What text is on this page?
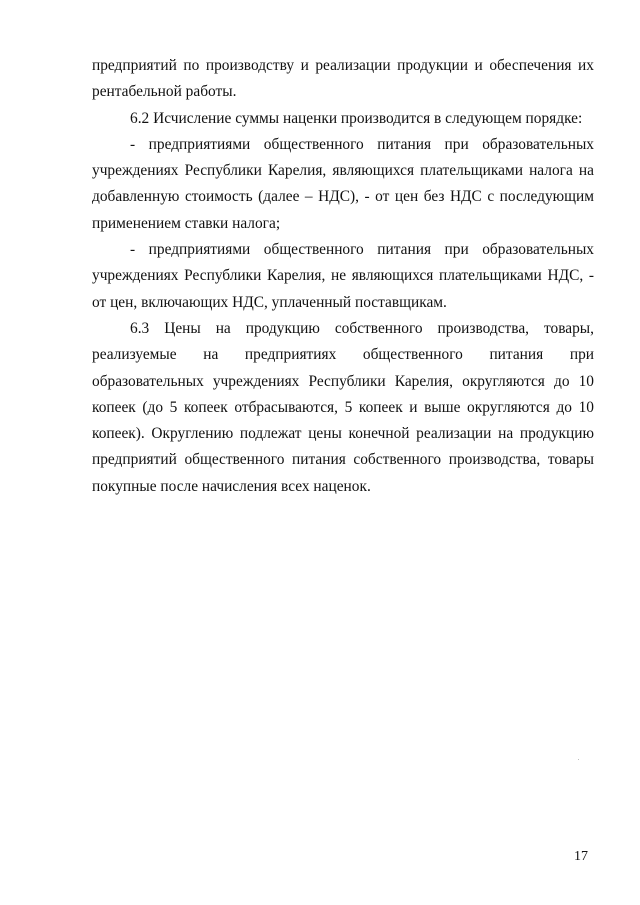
предприятий по производству и реализации продукции и обеспечения их рентабельной работы.

6.2 Исчисление суммы наценки производится в следующем порядке:

- предприятиями общественного питания при образовательных учреждениях Республики Карелия, являющихся плательщиками налога на добавленную стоимость (далее – НДС), - от цен без НДС с последующим применением ставки налога;

- предприятиями общественного питания при образовательных учреждениях Республики Карелия, не являющихся плательщиками НДС, - от цен, включающих НДС, уплаченный поставщикам.

6.3 Цены на продукцию собственного производства, товары, реализуемые на предприятиях общественного питания при образовательных учреждениях Республики Карелия, округляются до 10 копеек (до 5 копеек отбрасываются, 5 копеек и выше округляются до 10 копеек). Округлению подлежат цены конечной реализации на продукцию предприятий общественного питания собственного производства, товары покупные после начисления всех наценок.

17
